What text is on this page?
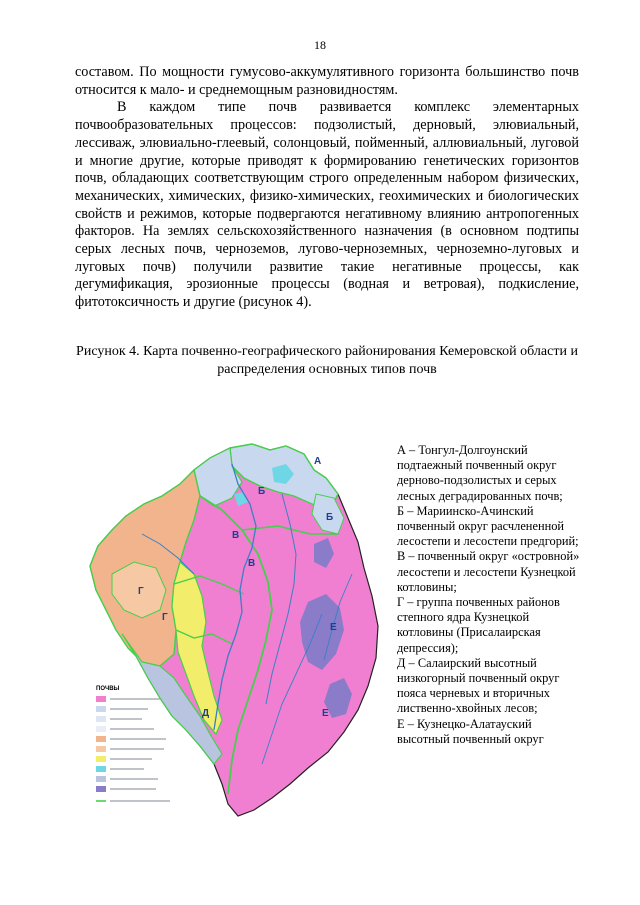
18

составом. По мощности гумусово-аккумулятивного горизонта большинство почв относится к мало- и среднемощным разновидностям.

В каждом типе почв развивается комплекс элементарных почвообразовательных процессов: подзолистый, дерновый, элювиальный, лессиваж, элювиально-глеевый, солонцовый, пойменный, аллювиальный, луговой и многие другие, которые приводят к формированию генетических горизонтов почв, обладающих соответствующим строго определенным набором физических, механических, химических, физико-химических, геохимических и биологических свойств и режимов, которые подвергаются негативному влиянию антропогенных факторов. На землях сельскохозяйственного назначения (в основном подтипы серых лесных почв, черноземов, лугово-черноземных, черноземно-луговых и луговых почв) получили развитие такие негативные процессы, как дегумификация, эрозионные процессы (водная и ветровая), подкисление, фитотоксичность и другие (рисунок 4).

Рисунок 4. Карта почвенно-географического районирования Кемеровской области и распределения основных типов почв
А
Б
Б
В
В
Г
Г
Д
Е
Е
ПОЧВЫ
А – Тонгул-Долгоунский подтаежный почвенный округ дерново-подзолистых и серых лесных деградированных почв;
Б – Мариинско-Ачинский почвенный округ расчлененной лесостепи и лесостепи предгорий;
В – почвенный округ «островной» лесостепи и лесостепи Кузнецкой котловины;
Г – группа почвенных районов степного ядра Кузнецкой котловины (Присалаирская депрессия);
Д – Салаирский высотный низкогорный почвенный округ пояса черневых и вторичных лиственно-хвойных лесов;
Е – Кузнецко-Алатауский высотный почвенный округ
